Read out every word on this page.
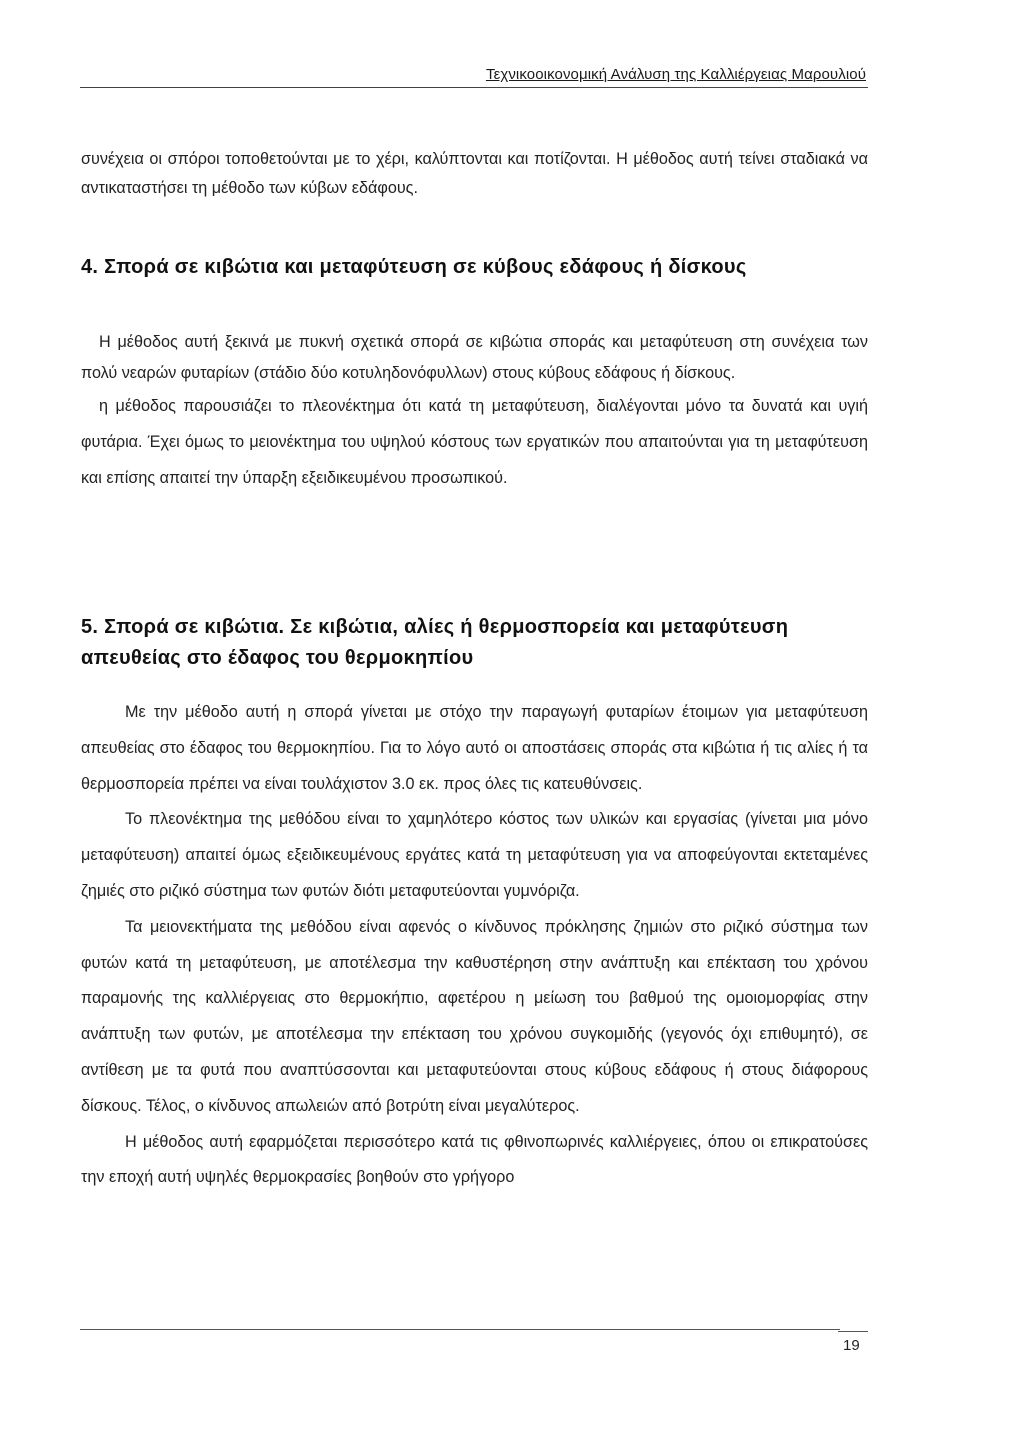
Τεχνικοοικονομική Ανάλυση της Καλλιέργειας Μαρουλιού

συνέχεια οι σπόροι τοποθετούνται με το χέρι, καλύπτονται και ποτίζονται. Η μέθοδος αυτή τείνει σταδιακά να αντικαταστήσει τη μέθοδο των κύβων εδάφους.

4. Σπορά σε κιβώτια και μεταφύτευση σε κύβους εδάφους ή δίσκους

Η μέθοδος αυτή ξεκινά με πυκνή σχετικά σπορά σε κιβώτια σποράς και μεταφύτευση στη συνέχεια των πολύ νεαρών φυταρίων (στάδιο δύο κοτυληδονόφυλλων) στους κύβους εδάφους ή δίσκους.

η μέθοδος παρουσιάζει το πλεονέκτημα ότι κατά τη μεταφύτευση, διαλέγονται μόνο τα δυνατά και υγιή φυτάρια. Έχει όμως το μειονέκτημα του υψηλού κόστους των εργατικών που απαιτούνται για τη μεταφύτευση και επίσης απαιτεί την ύπαρξη εξειδικευμένου προσωπικού.

5. Σπορά σε κιβώτια. Σε κιβώτια, αλίες ή θερμοσπορεία και μεταφύτευση απευθείας στο έδαφος του θερμοκηπίου

Με την μέθοδο αυτή η σπορά γίνεται με στόχο την παραγωγή φυταρίων έτοιμων για μεταφύτευση απευθείας στο έδαφος του θερμοκηπίου. Για το λόγο αυτό οι αποστάσεις σποράς στα κιβώτια ή τις αλίες ή τα θερμοσπορεία πρέπει να είναι τουλάχιστον 3.0 εκ. προς όλες τις κατευθύνσεις.

Το πλεονέκτημα της μεθόδου είναι το χαμηλότερο κόστος των υλικών και εργασίας (γίνεται μια μόνο μεταφύτευση) απαιτεί όμως εξειδικευμένους εργάτες κατά τη μεταφύτευση για να αποφεύγονται εκτεταμένες ζημιές στο ριζικό σύστημα των φυτών διότι μεταφυτεύονται γυμνόριζα.

Τα μειονεκτήματα της μεθόδου είναι αφενός ο κίνδυνος πρόκλησης ζημιών στο ριζικό σύστημα των φυτών κατά τη μεταφύτευση, με αποτέλεσμα την καθυστέρηση στην ανάπτυξη και επέκταση του χρόνου παραμονής της καλλιέργειας στο θερμοκήπιο, αφετέρου η μείωση του βαθμού της ομοιομορφίας στην ανάπτυξη των φυτών, με αποτέλεσμα την επέκταση του χρόνου συγκομιδής (γεγονός όχι επιθυμητό), σε αντίθεση με τα φυτά που αναπτύσσονται και μεταφυτεύονται στους κύβους εδάφους ή στους διάφορους δίσκους. Τέλος, ο κίνδυνος απωλειών από βοτρύτη είναι μεγαλύτερος.

Η μέθοδος αυτή εφαρμόζεται περισσότερο κατά τις φθινοπωρινές καλλιέργειες, όπου οι επικρατούσες την εποχή αυτή υψηλές θερμοκρασίες βοηθούν στο γρήγορο

19
